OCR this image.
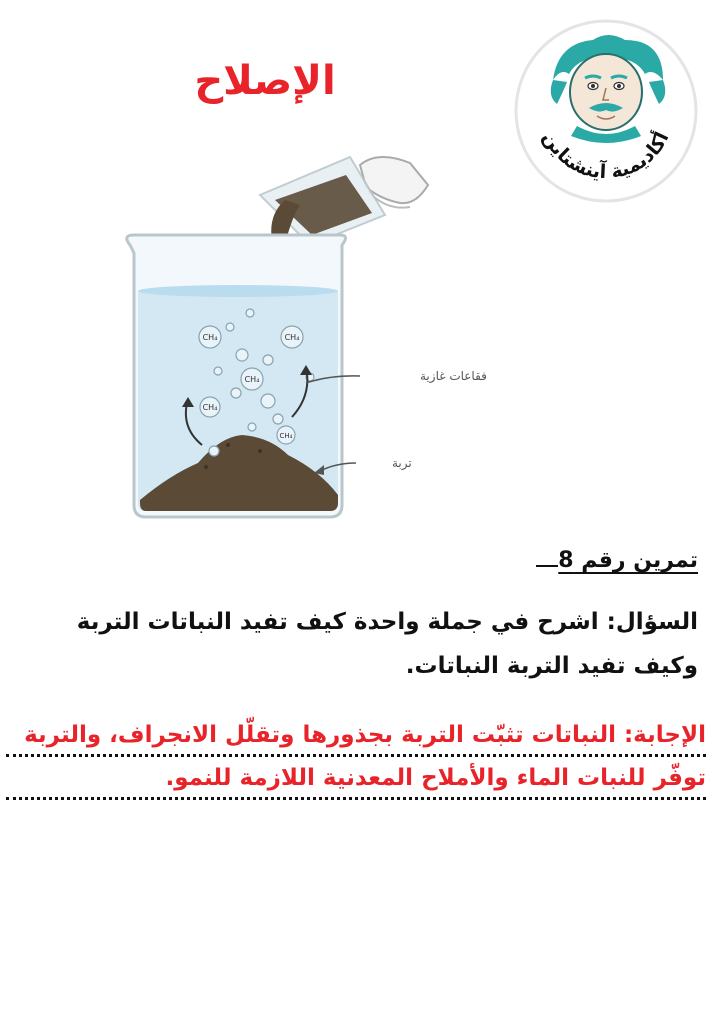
الإصلاح
أكاديمية آينشتاين
CH₄	CH₄
CH₄
CH₄
CH₄
فقاعات غازية
تربة
تمرين رقم 8
السؤال: اشرح في جملة واحدة كيف تفيد النباتات التربة
وكيف تفيد التربة النباتات.
الإجابة: النباتات تثبّت التربة بجذورها وتقلّل الانجراف، والتربة
توفّر للنبات الماء والأملاح المعدنية اللازمة للنمو.
